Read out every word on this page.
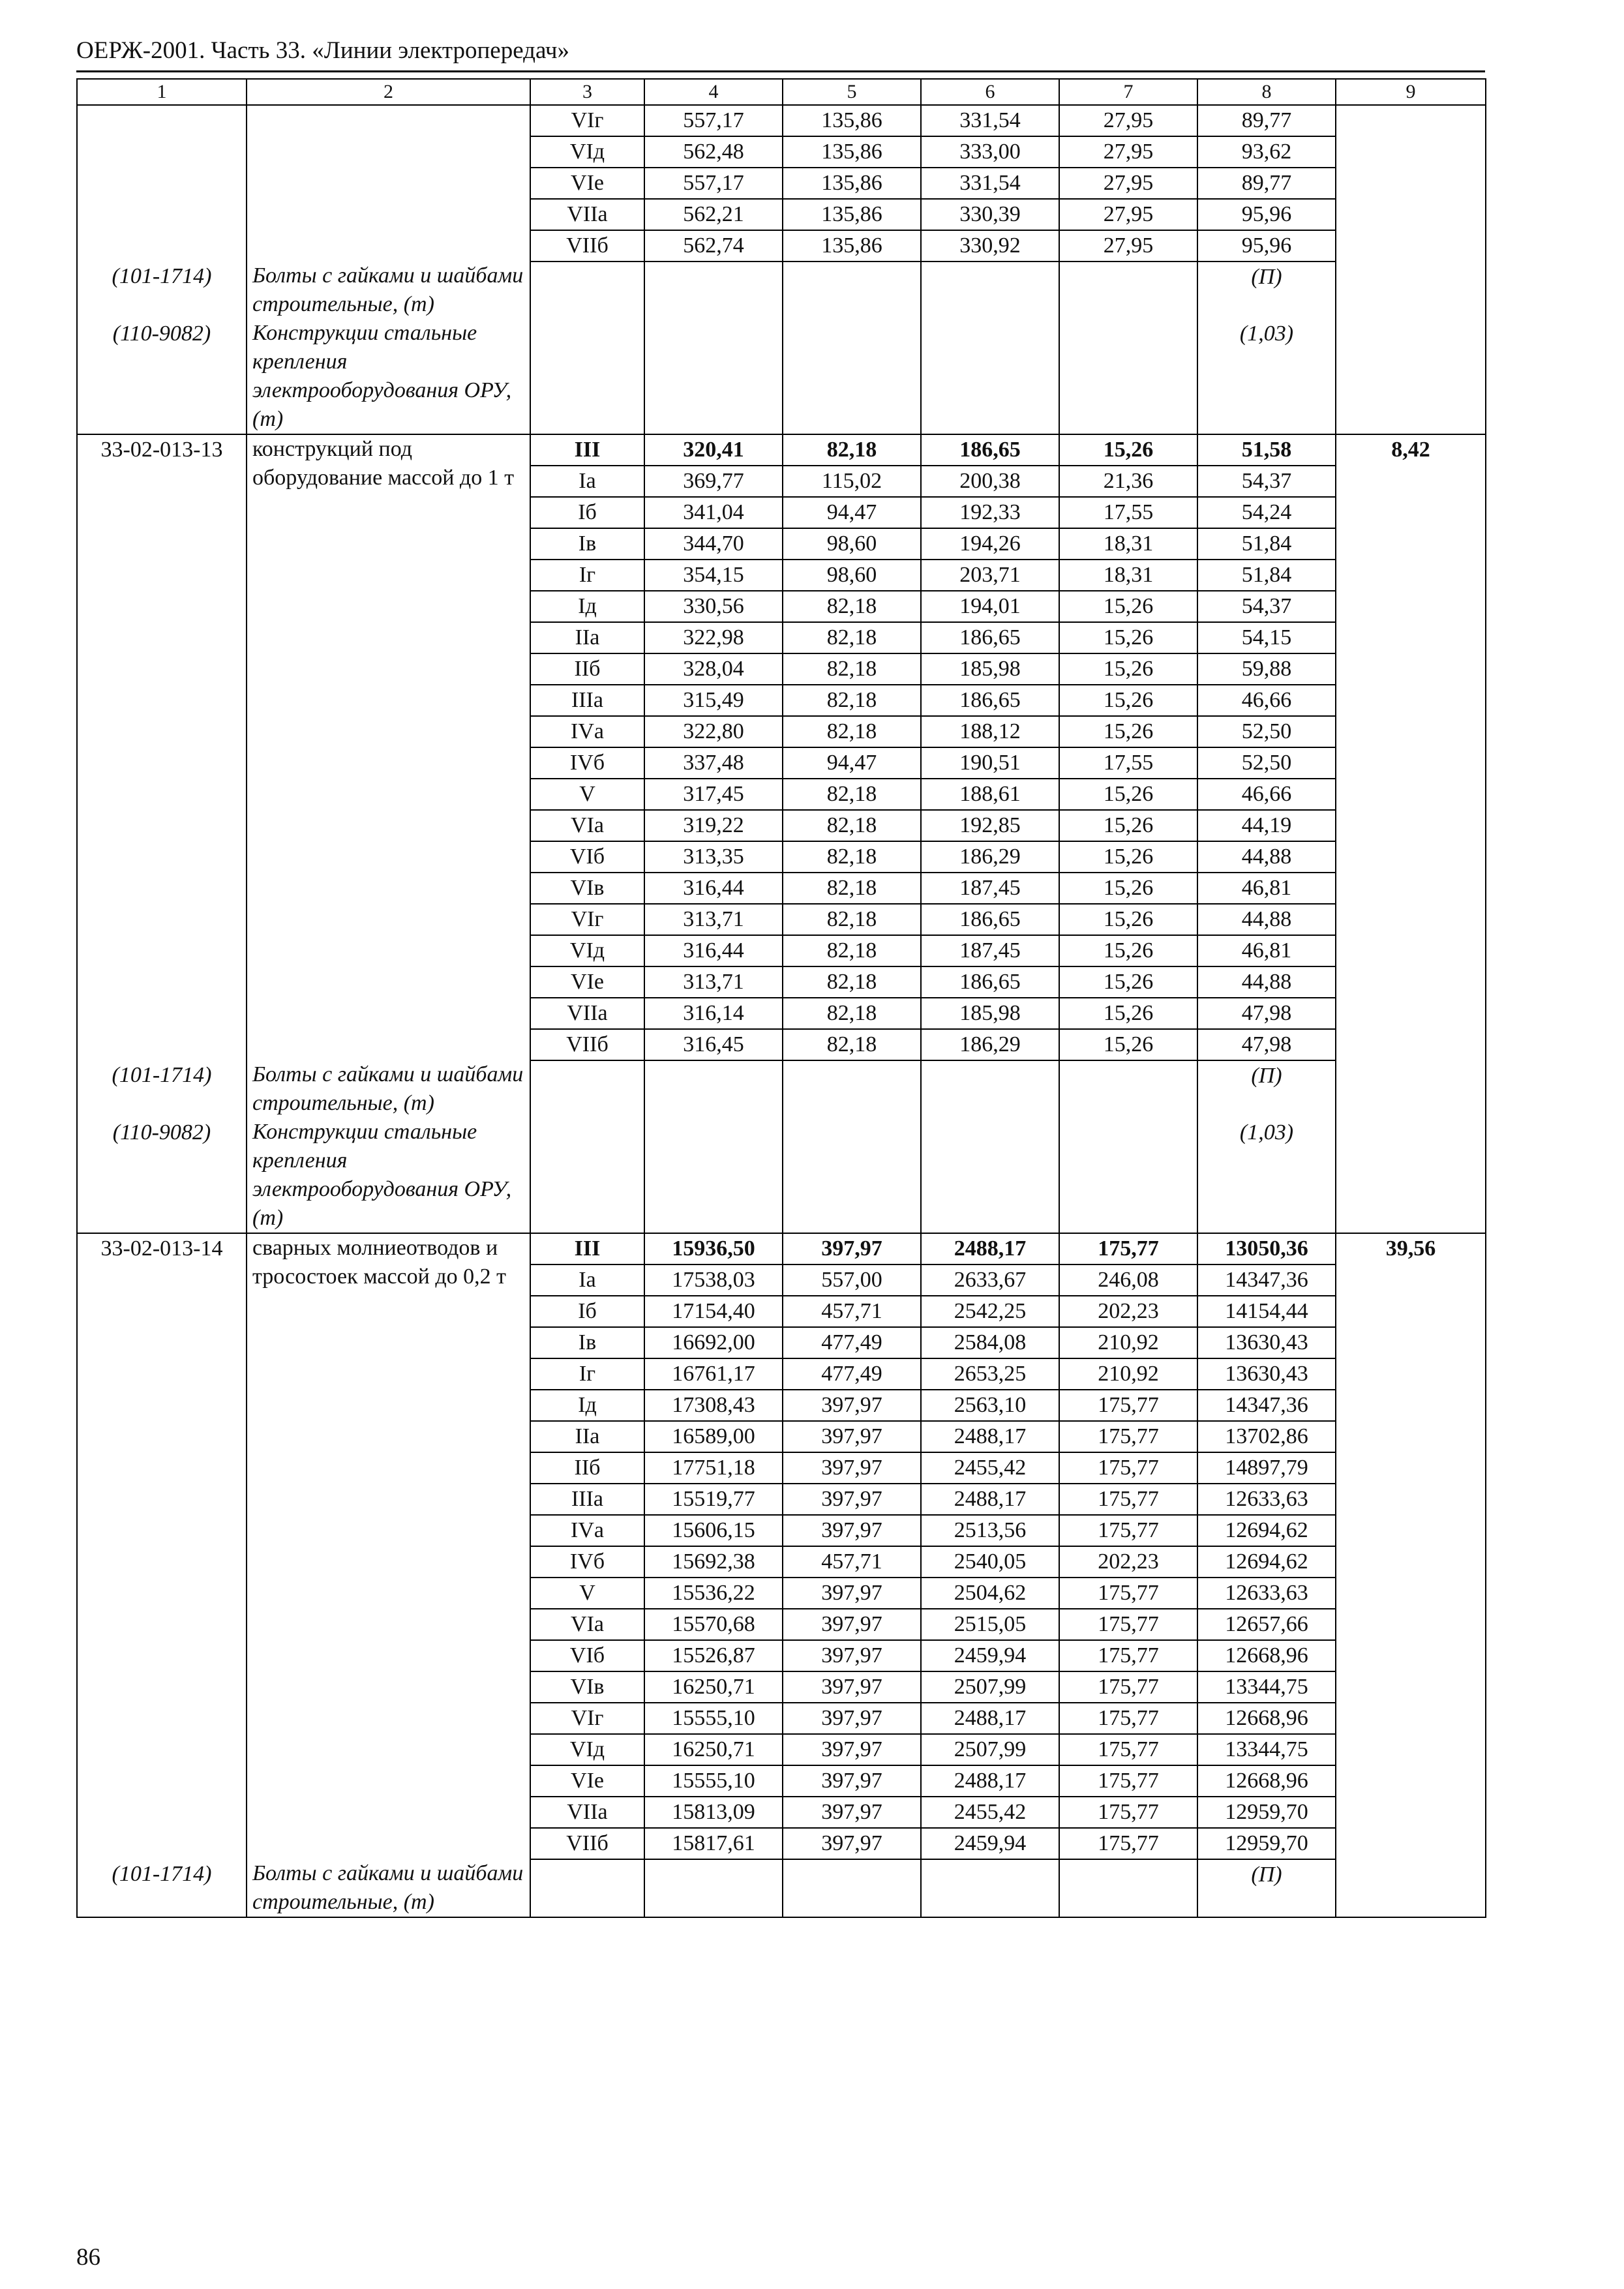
ОЕРЖ-2001. Часть 33. «Линии электропередач»
1	2	3	4	5	6	7	8	9
		VIг	557,17	135,86	331,54	27,95	89,77	
		VIд	562,48	135,86	333,00	27,95	93,62	
		VIе	557,17	135,86	331,54	27,95	89,77	
		VIIа	562,21	135,86	330,39	27,95	95,96	
		VIIб	562,74	135,86	330,92	27,95	95,96	
(101-1714)	Болты с гайками и шайбами строительные, (т)						(П)	
(110-9082)	Конструкции стальные крепления электрооборудования ОРУ, (т)						(1,03)	
33-02-013-13	конструкций под оборудование массой до 1 т	III	320,41	82,18	186,65	15,26	51,58	8,42
		Iа	369,77	115,02	200,38	21,36	54,37	
		Iб	341,04	94,47	192,33	17,55	54,24	
		Iв	344,70	98,60	194,26	18,31	51,84	
		Iг	354,15	98,60	203,71	18,31	51,84	
		Iд	330,56	82,18	194,01	15,26	54,37	
		IIа	322,98	82,18	186,65	15,26	54,15	
		IIб	328,04	82,18	185,98	15,26	59,88	
		IIIа	315,49	82,18	186,65	15,26	46,66	
		IVа	322,80	82,18	188,12	15,26	52,50	
		IVб	337,48	94,47	190,51	17,55	52,50	
		V	317,45	82,18	188,61	15,26	46,66	
		VIа	319,22	82,18	192,85	15,26	44,19	
		VIб	313,35	82,18	186,29	15,26	44,88	
		VIв	316,44	82,18	187,45	15,26	46,81	
		VIг	313,71	82,18	186,65	15,26	44,88	
		VIд	316,44	82,18	187,45	15,26	46,81	
		VIе	313,71	82,18	186,65	15,26	44,88	
		VIIа	316,14	82,18	185,98	15,26	47,98	
		VIIб	316,45	82,18	186,29	15,26	47,98	
(101-1714)	Болты с гайками и шайбами строительные, (т)						(П)	
(110-9082)	Конструкции стальные крепления электрооборудования ОРУ, (т)						(1,03)	
33-02-013-14	сварных молниеотводов и тросостоек массой до 0,2 т	III	15936,50	397,97	2488,17	175,77	13050,36	39,56
		Iа	17538,03	557,00	2633,67	246,08	14347,36	
		Iб	17154,40	457,71	2542,25	202,23	14154,44	
		Iв	16692,00	477,49	2584,08	210,92	13630,43	
		Iг	16761,17	477,49	2653,25	210,92	13630,43	
		Iд	17308,43	397,97	2563,10	175,77	14347,36	
		IIа	16589,00	397,97	2488,17	175,77	13702,86	
		IIб	17751,18	397,97	2455,42	175,77	14897,79	
		IIIа	15519,77	397,97	2488,17	175,77	12633,63	
		IVа	15606,15	397,97	2513,56	175,77	12694,62	
		IVб	15692,38	457,71	2540,05	202,23	12694,62	
		V	15536,22	397,97	2504,62	175,77	12633,63	
		VIа	15570,68	397,97	2515,05	175,77	12657,66	
		VIб	15526,87	397,97	2459,94	175,77	12668,96	
		VIв	16250,71	397,97	2507,99	175,77	13344,75	
		VIг	15555,10	397,97	2488,17	175,77	12668,96	
		VIд	16250,71	397,97	2507,99	175,77	13344,75	
		VIе	15555,10	397,97	2488,17	175,77	12668,96	
		VIIа	15813,09	397,97	2455,42	175,77	12959,70	
		VIIб	15817,61	397,97	2459,94	175,77	12959,70	
(101-1714)	Болты с гайками и шайбами строительные, (т)						(П)	
86
